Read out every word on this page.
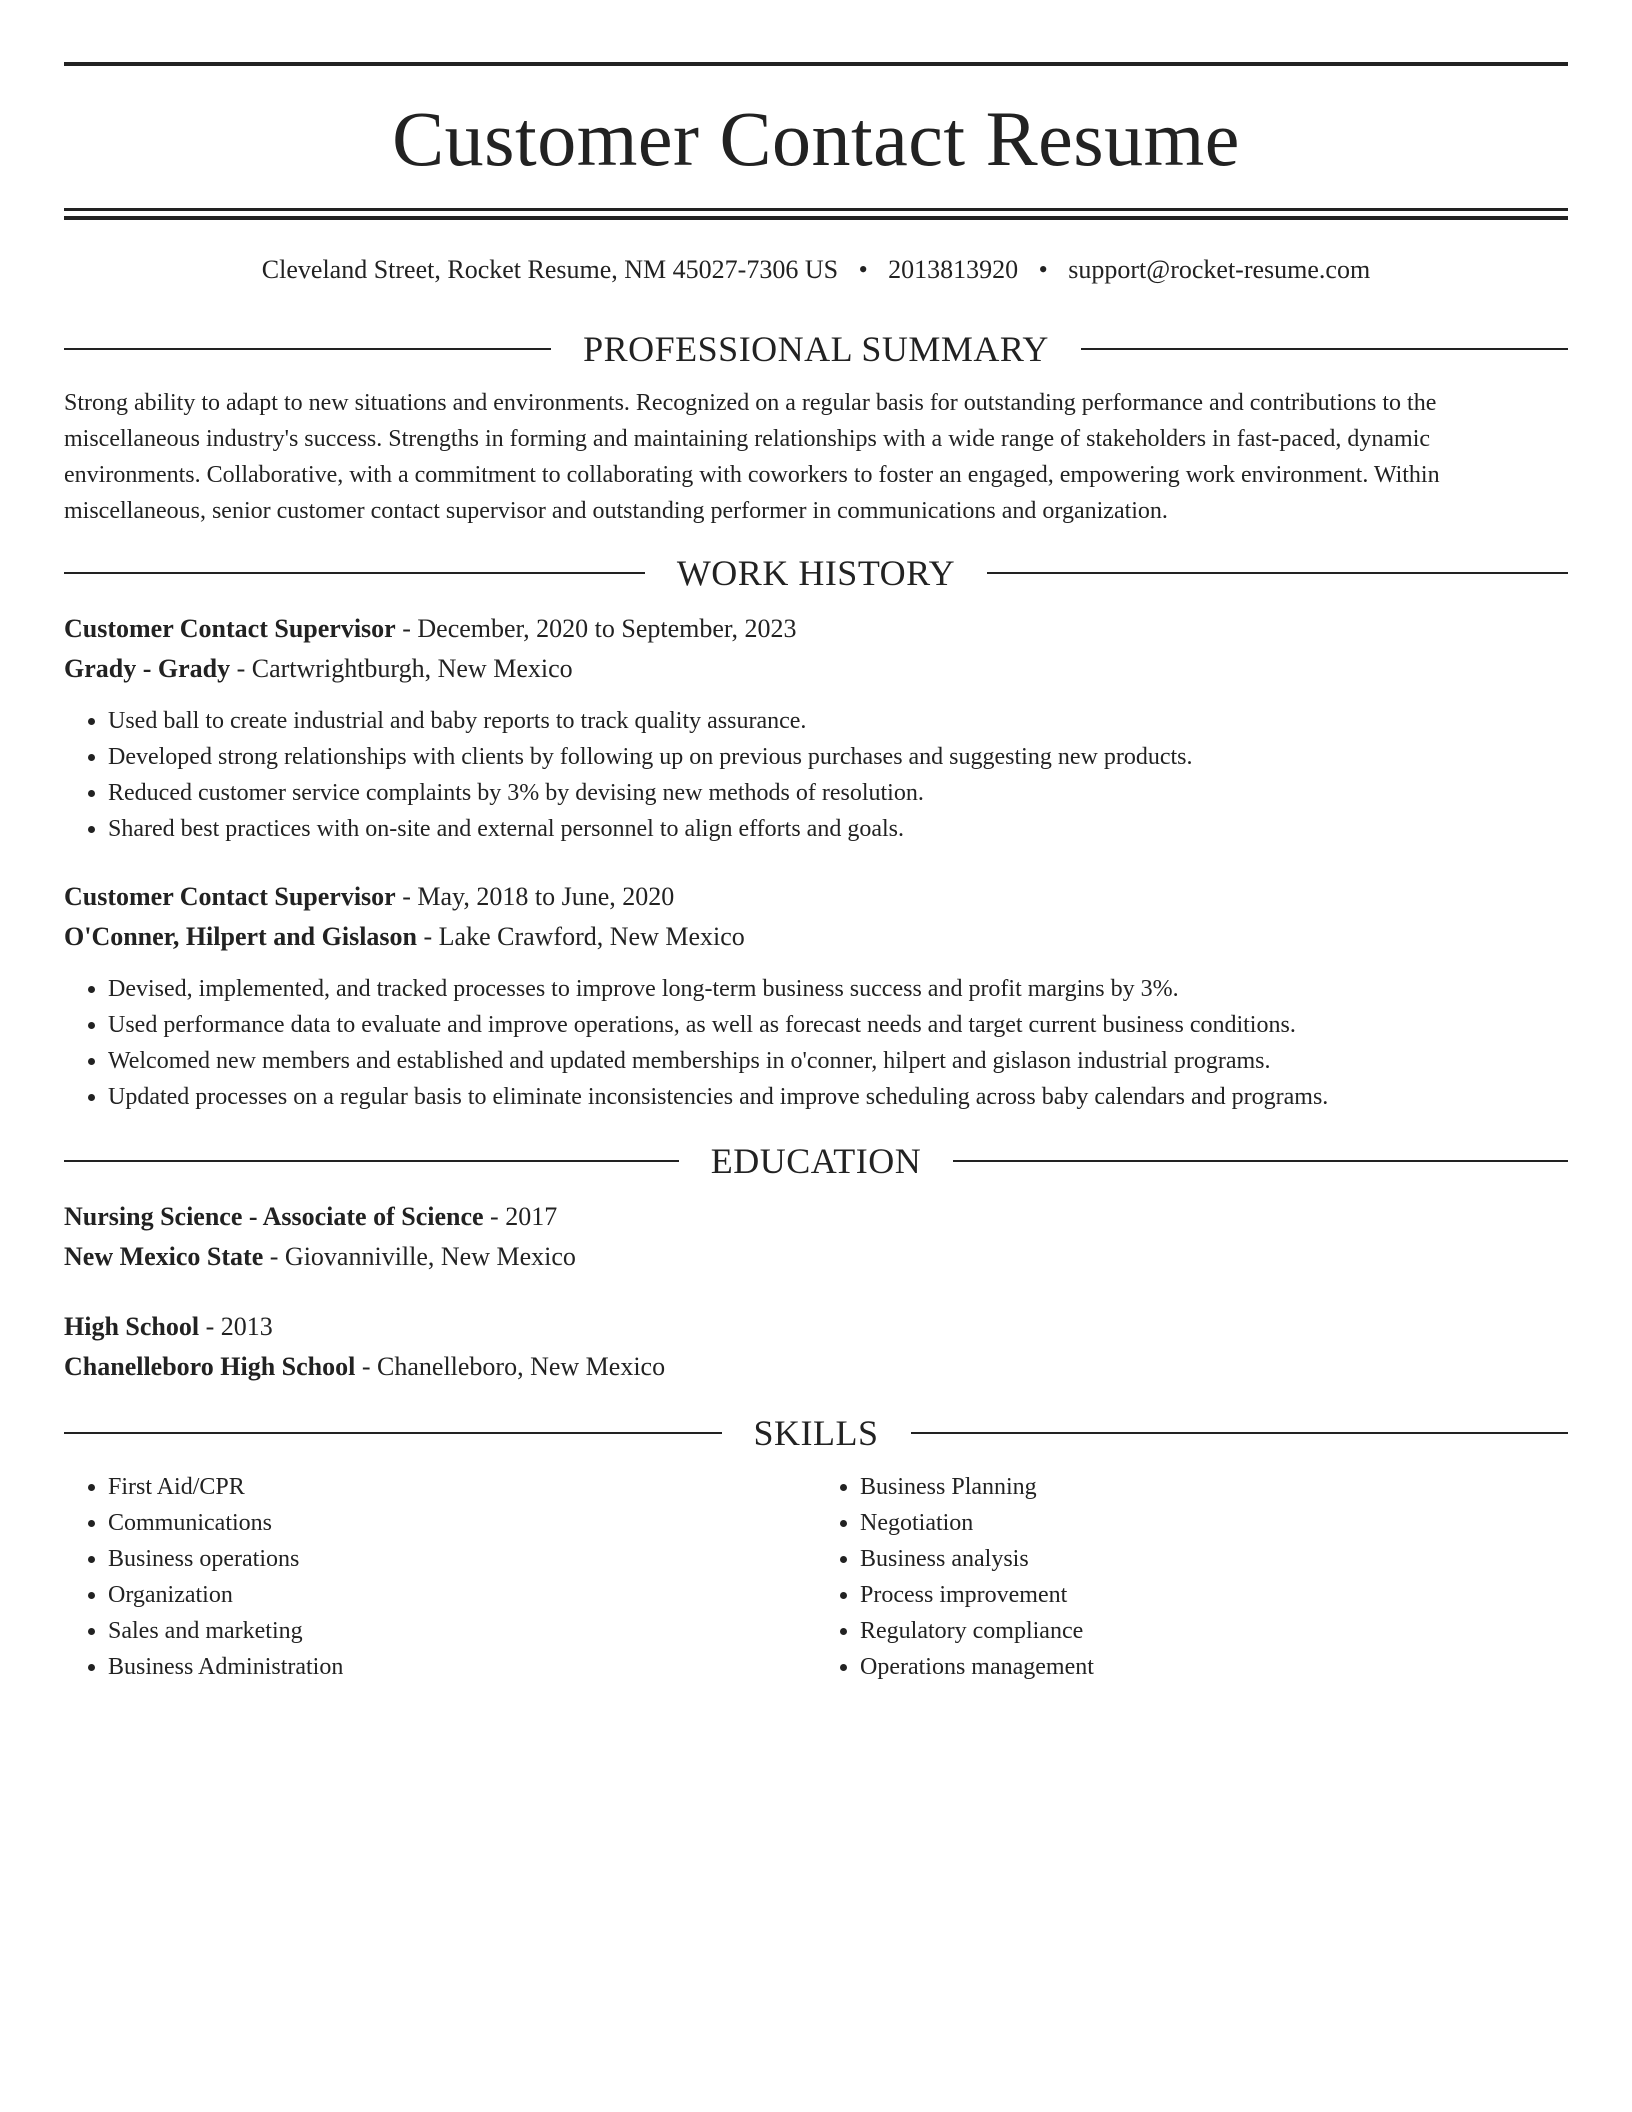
Customer Contact Resume
Cleveland Street, Rocket Resume, NM 45027-7306 US • 2013813920 • support@rocket-resume.com
PROFESSIONAL SUMMARY

Strong ability to adapt to new situations and environments. Recognized on a regular basis for outstanding performance and contributions to the miscellaneous industry's success. Strengths in forming and maintaining relationships with a wide range of stakeholders in fast-paced, dynamic environments. Collaborative, with a commitment to collaborating with coworkers to foster an engaged, empowering work environment. Within miscellaneous, senior customer contact supervisor and outstanding performer in communications and organization.

WORK HISTORY
Customer Contact Supervisor - December, 2020 to September, 2023
Grady - Grady - Cartwrightburgh, New Mexico
• Used ball to create industrial and baby reports to track quality assurance.
• Developed strong relationships with clients by following up on previous purchases and suggesting new products.
• Reduced customer service complaints by 3% by devising new methods of resolution.
• Shared best practices with on-site and external personnel to align efforts and goals.
Customer Contact Supervisor - May, 2018 to June, 2020
O'Conner, Hilpert and Gislason - Lake Crawford, New Mexico
• Devised, implemented, and tracked processes to improve long-term business success and profit margins by 3%.
• Used performance data to evaluate and improve operations, as well as forecast needs and target current business conditions.
• Welcomed new members and established and updated memberships in o'conner, hilpert and gislason industrial programs.
• Updated processes on a regular basis to eliminate inconsistencies and improve scheduling across baby calendars and programs.
EDUCATION
Nursing Science - Associate of Science - 2017
New Mexico State - Giovanniville, New Mexico
High School - 2013
Chanelleboro High School - Chanelleboro, New Mexico
SKILLS
• First Aid/CPR
• Communications
• Business operations
• Organization
• Sales and marketing
• Business Administration
• Business Planning
• Negotiation
• Business analysis
• Process improvement
• Regulatory compliance
• Operations management
